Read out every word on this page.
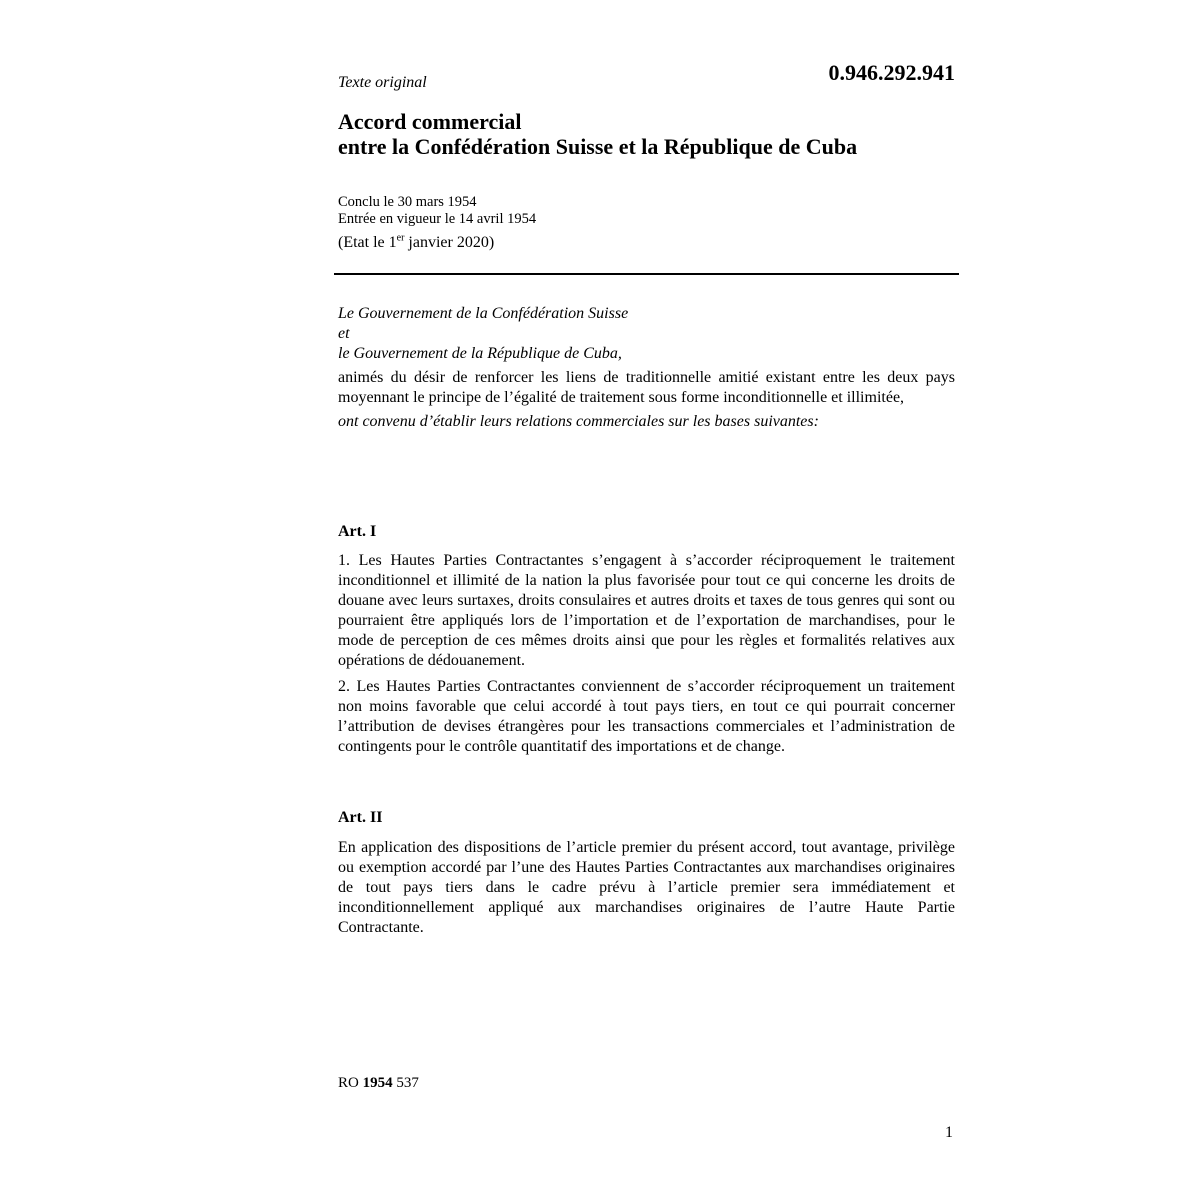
Texte original	0.946.292.941
Accord commercial
entre la Confédération Suisse et la République de Cuba
Conclu le 30 mars 1954
Entrée en vigueur le 14 avril 1954
(Etat le 1er janvier 2020)
Le Gouvernement de la Confédération Suisse
et
le Gouvernement de la République de Cuba,
animés du désir de renforcer les liens de traditionnelle amitié existant entre les deux pays moyennant le principe de l’égalité de traitement sous forme inconditionnelle et illimitée,
ont convenu d’établir leurs relations commerciales sur les bases suivantes:
Art. I

1. Les Hautes Parties Contractantes s’engagent à s’accorder réciproquement le traitement inconditionnel et illimité de la nation la plus favorisée pour tout ce qui concerne les droits de douane avec leurs surtaxes, droits consulaires et autres droits et taxes de tous genres qui sont ou pourraient être appliqués lors de l’importation et de l’exportation de marchandises, pour le mode de perception de ces mêmes droits ainsi que pour les règles et formalités relatives aux opérations de dédouanement.

2. Les Hautes Parties Contractantes conviennent de s’accorder réciproquement un traitement non moins favorable que celui accordé à tout pays tiers, en tout ce qui pourrait concerner l’attribution de devises étrangères pour les transactions commerciales et l’administration de contingents pour le contrôle quantitatif des importations et de change.

Art. II
En application des dispositions de l’article premier du présent accord, tout avantage, privilège ou exemption accordé par l’une des Hautes Parties Contractantes aux marchandises originaires de tout pays tiers dans le cadre prévu à l’article premier sera immédiatement et inconditionnellement appliqué aux marchandises originaires de l’autre Haute Partie Contractante.
RO 1954 537
1
